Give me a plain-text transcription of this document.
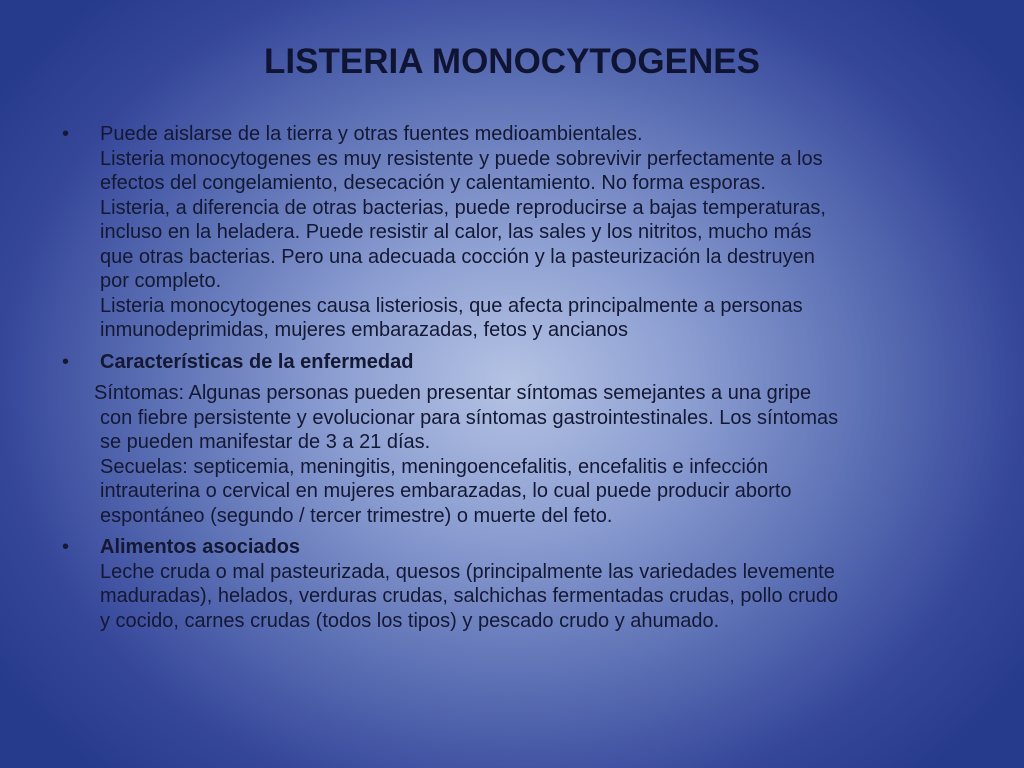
LISTERIA MONOCYTOGENES
• Puede aislarse de la tierra y otras fuentes medioambientales.
Listeria monocytogenes es muy resistente y puede sobrevivir perfectamente a los
efectos del congelamiento, desecación y calentamiento. No forma esporas.
Listeria, a diferencia de otras bacterias, puede reproducirse a bajas temperaturas,
incluso en la heladera. Puede resistir al calor, las sales y los nitritos, mucho más
que otras bacterias. Pero una adecuada cocción y la pasteurización la destruyen
por completo.
Listeria monocytogenes causa listeriosis, que afecta principalmente a personas
inmunodeprimidas, mujeres embarazadas, fetos y ancianos
• Características de la enfermedad
Síntomas: Algunas personas pueden presentar síntomas semejantes a una gripe
con fiebre persistente y evolucionar para síntomas gastrointestinales. Los síntomas
se pueden manifestar de 3 a 21 días.
Secuelas: septicemia, meningitis, meningoencefalitis, encefalitis e infección
intrauterina o cervical en mujeres embarazadas, lo cual puede producir aborto
espontáneo (segundo / tercer trimestre) o muerte del feto.
• Alimentos asociados
Leche cruda o mal pasteurizada, quesos (principalmente las variedades levemente
maduradas), helados, verduras crudas, salchichas fermentadas crudas, pollo crudo
y cocido, carnes crudas (todos los tipos) y pescado crudo y ahumado.
